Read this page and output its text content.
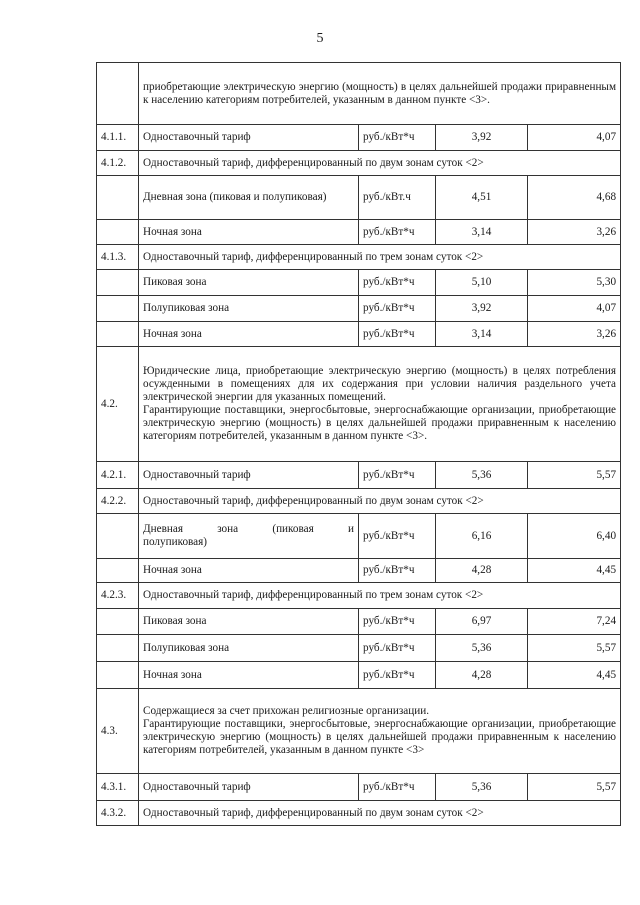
5
	приобретающие электрическую энергию (мощность) в целях дальнейшей продажи приравненным к населению категориям потребителей, указанным в данном пункте <3>.			
4.1.1.	Одноставочный тариф	руб./кВт*ч	3,92	4,07
4.1.2.	Одноставочный тариф, дифференцированный по двум зонам суток <2>			
	Дневная зона (пиковая и полупиковая)	руб./кВт.ч	4,51	4,68
	Ночная зона	руб./кВт*ч	3,14	3,26
4.1.3.	Одноставочный тариф, дифференцированный по трем зонам суток <2>			
	Пиковая зона	руб./кВт*ч	5,10	5,30
	Полупиковая зона	руб./кВт*ч	3,92	4,07
	Ночная зона	руб./кВт*ч	3,14	3,26
4.2.	Юридические лица, приобретающие электрическую энергию (мощность) в целях потребления осужденными в помещениях для их содержания при условии наличия раздельного учета электрической энергии для указанных помещений.
Гарантирующие поставщики, энергосбытовые, энергоснабжающие организации, приобретающие электрическую энергию (мощность) в целях дальнейшей продажи приравненным к населению категориям потребителей, указанным в данном пункте <3>.			

4.2.1.	Одноставочный тариф	руб./кВт*ч	5,36	5,57
4.2.2.	Одноставочный тариф, дифференцированный по двум зонам суток <2>			

	Дневная зона (пиковая и
полупиковая)	руб./кВт*ч	6,16	6,40
	Ночная зона	руб./кВт*ч	4,28	4,45
4.2.3.	Одноставочный тариф, дифференцированный по трем зонам суток <2>			
	Пиковая зона	руб./кВт*ч	6,97	7,24
	Полупиковая зона	руб./кВт*ч	5,36	5,57
	Ночная зона	руб./кВт*ч	4,28	4,45
4.3.	Содержащиеся за счет прихожан религиозные организации.
Гарантирующие поставщики, энергосбытовые, энергоснабжающие организации, приобретающие электрическую энергию (мощность) в целях дальнейшей продажи приравненным к населению категориям потребителей, указанным в данном пункте <3>			

4.3.1.	Одноставочный тариф	руб./кВт*ч	5,36	5,57
4.3.2.	Одноставочный тариф, дифференцированный по двум зонам суток <2>			
